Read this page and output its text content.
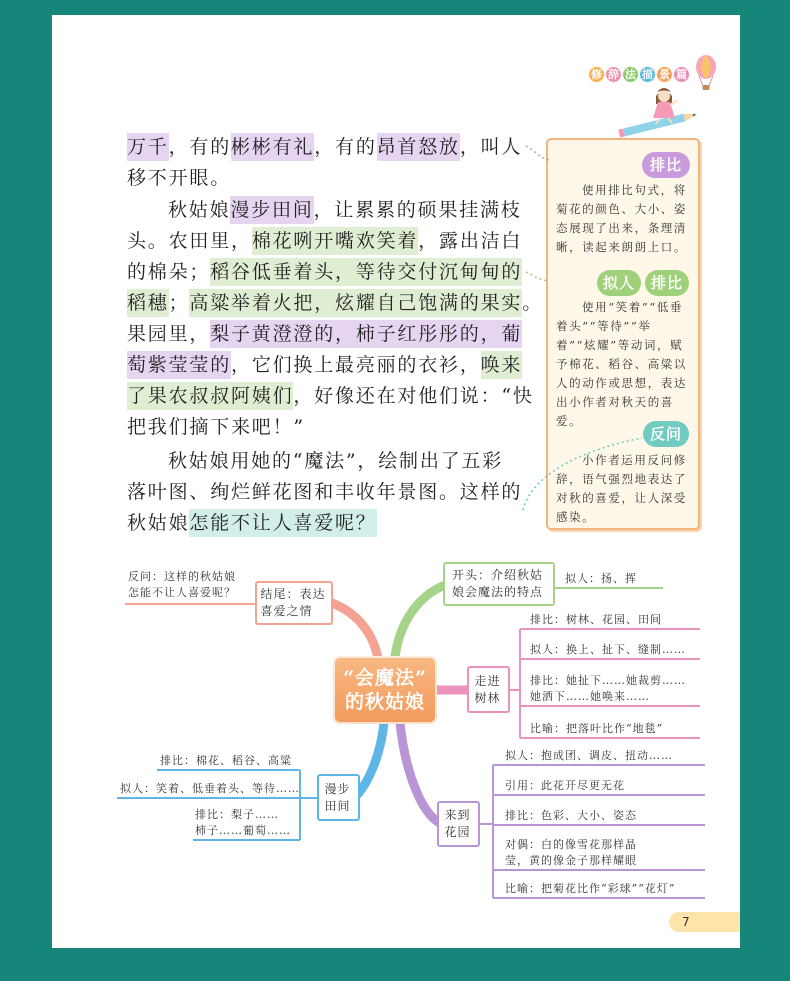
修 辞 法 描 景 篇
万千，有的彬彬有礼，有的昂首怒放，叫人
移不开眼。
秋姑娘漫步田间，让累累的硕果挂满枝
头。农田里，棉花咧开嘴欢笑着，露出洁白
的棉朵；稻谷低垂着头，等待交付沉甸甸的
稻穗；高粱举着火把，炫耀自己饱满的果实。
果园里，梨子黄澄澄的，柿子红彤彤的，葡
萄紫莹莹的，它们换上最亮丽的衣衫，唤来
了果农叔叔阿姨们，好像还在对他们说：“快
把我们摘下来吧！”
秋姑娘用她的“魔法”，绘制出了五彩
落叶图、绚烂鲜花图和丰收年景图。这样的
秋姑娘怎能不让人喜爱呢？
排比
使用排比句式，将菊花的颜色、大小、姿态展现了出来，条理清晰，读起来朗朗上口。
拟人	排比
使用“笑着”“低垂着头”“等待”“举着”“炫耀”等动词，赋予棉花、稻谷、高粱以人的动作或思想，表达出小作者对秋天的喜爱。
反问
小作者运用反问修辞，语气强烈地表达了对秋的喜爱，让人深受感染。
“会魔法”
的秋姑娘
结尾：表达喜爱之情
开头：介绍秋姑娘会魔法的特点
走进树林
漫步田间
来到花园
反问：这样的秋姑娘
怎能不让人喜爱呢？
拟人：扬、挥
排比：树林、花园、田间
拟人：换上、扯下、缝制……
排比：她扯下……她裁剪……
她洒下……她唤来……
比喻：把落叶比作“地毯”
排比：棉花、稻谷、高粱
拟人：笑着、低垂着头、等待……
排比：梨子……
柿子……葡萄……
拟人：抱成团、调皮、扭动……
引用：此花开尽更无花
排比：色彩、大小、姿态
对偶：白的像雪花那样晶
莹，黄的像金子那样耀眼
比喻：把菊花比作“彩球”“花灯”
7
